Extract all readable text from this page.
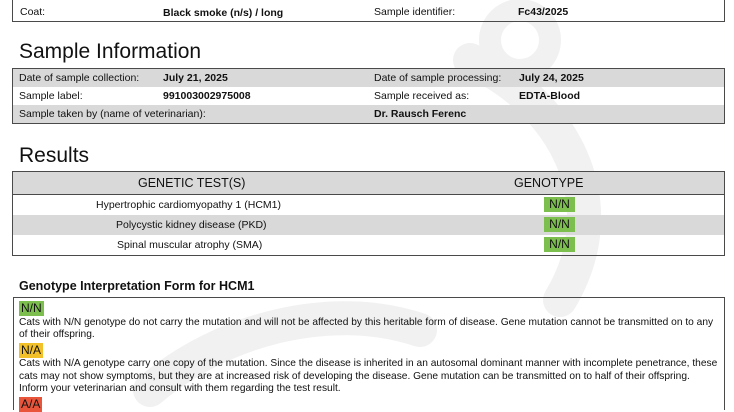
Coat:	Black smoke (n/s) / long	Sample identifier:	Fc43/2025
Sample Information
Date of sample collection: July 21, 2025	Date of sample processing: July 24, 2025
Sample label:	991003002975008	Sample received as:	EDTA-Blood
Sample taken by (name of veterinarian):	Dr. Rausch Ferenc
Results
GENETIC TEST(S)	GENOTYPE
Hypertrophic cardiomyopathy 1 (HCM1)	N/N
Polycystic kidney disease (PKD)	N/N
Spinal muscular atrophy (SMA)	N/N
Genotype Interpretation Form for HCM1
N/N

Cats with N/N genotype do not carry the mutation and will not be affected by this heritable form of disease. Gene mutation cannot be transmitted on to any of their offspring.

N/A

Cats with N/A genotype carry one copy of the mutation. Since the disease is inherited in an autosomal dominant manner with incomplete penetrance, these cats may not show symptoms, but they are at increased risk of developing the disease. Gene mutation can be transmitted on to half of their offspring. Inform your veterinarian and consult with them regarding the test result.

A/A
